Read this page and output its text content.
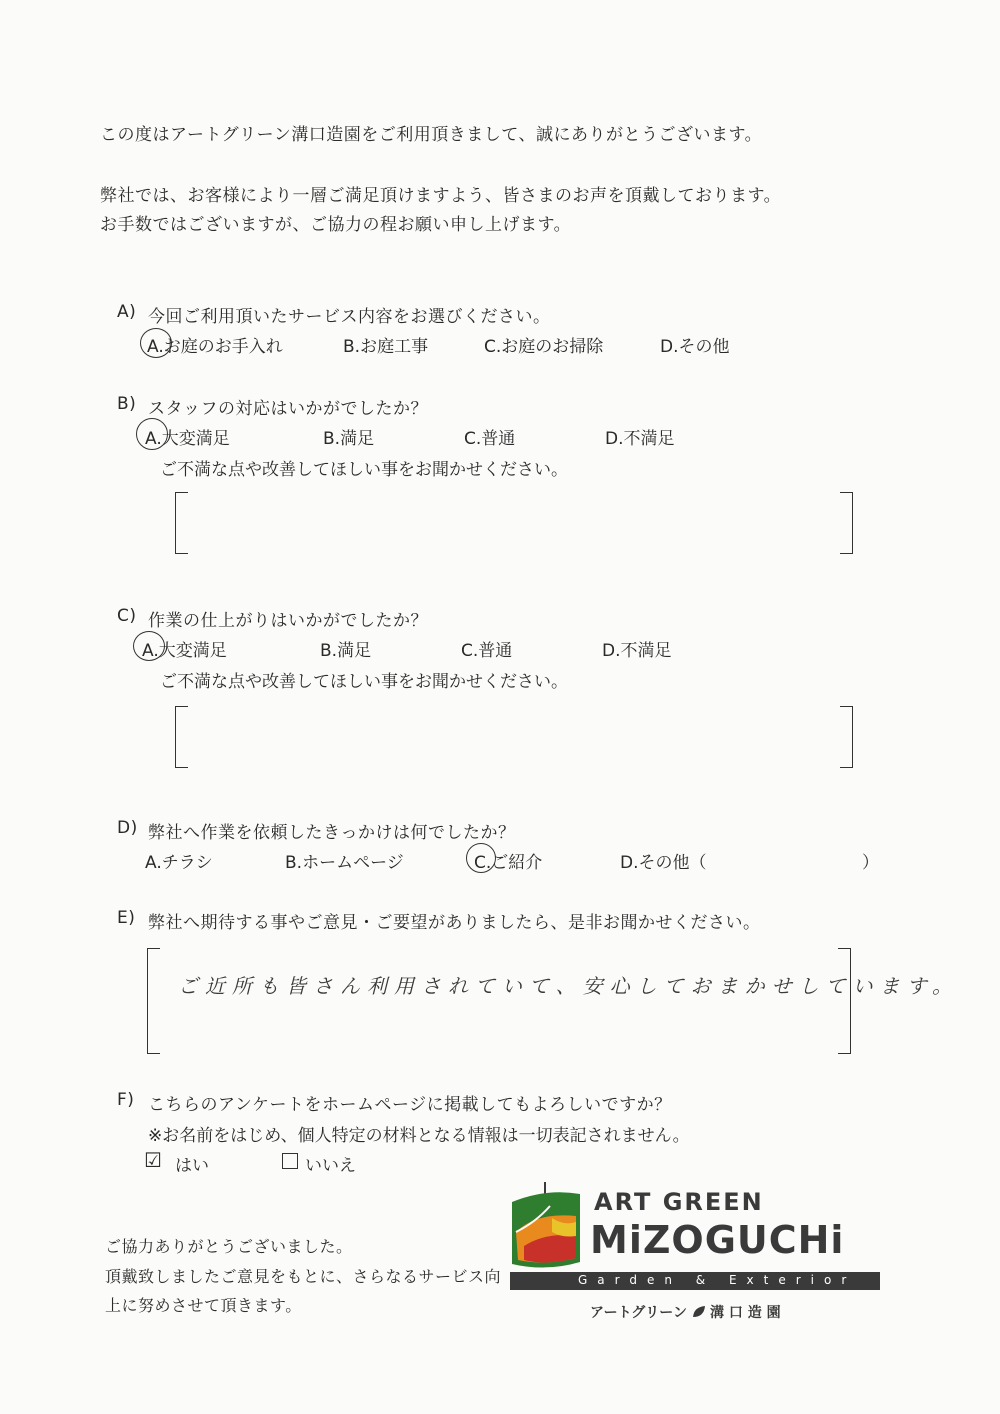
この度はアートグリーン溝口造園をご利用頂きまして、誠にありがとうございます。
弊社では、お客様により一層ご満足頂けますよう、皆さまのお声を頂戴しております。
お手数ではございますが、ご協力の程お願い申し上げます。
A) 今回ご利用頂いたサービス内容をお選びください。
A.お庭のお手入れ	B.お庭工事	C.お庭のお掃除	D.その他
B) スタッフの対応はいかがでしたか？
A.大変満足	B.満足	C.普通	D.不満足
ご不満な点や改善してほしい事をお聞かせください。
C) 作業の仕上がりはいかがでしたか？
A.大変満足	B.満足	C.普通	D.不満足
ご不満な点や改善してほしい事をお聞かせください。
D) 弊社へ作業を依頼したきっかけは何でしたか？
A.チラシ	B.ホームページ	C.ご紹介	D.その他（	）
E) 弊社へ期待する事やご意見・ご要望がありましたら、是非お聞かせください。
ご近所も皆さん利用されていて、安心しておまかせしています。
F) こちらのアンケートをホームページに掲載してもよろしいですか？
※お名前をはじめ、個人特定の材料となる情報は一切表記されません。
☑ はい	いいえ
ご協力ありがとうございました。
頂戴致しましたご意見をもとに、さらなるサービス向
上に努めさせて頂きます。
ART GREEN
MiZOGUCHi
Garden & Exterior
アートグリーン 溝 口 造 園
